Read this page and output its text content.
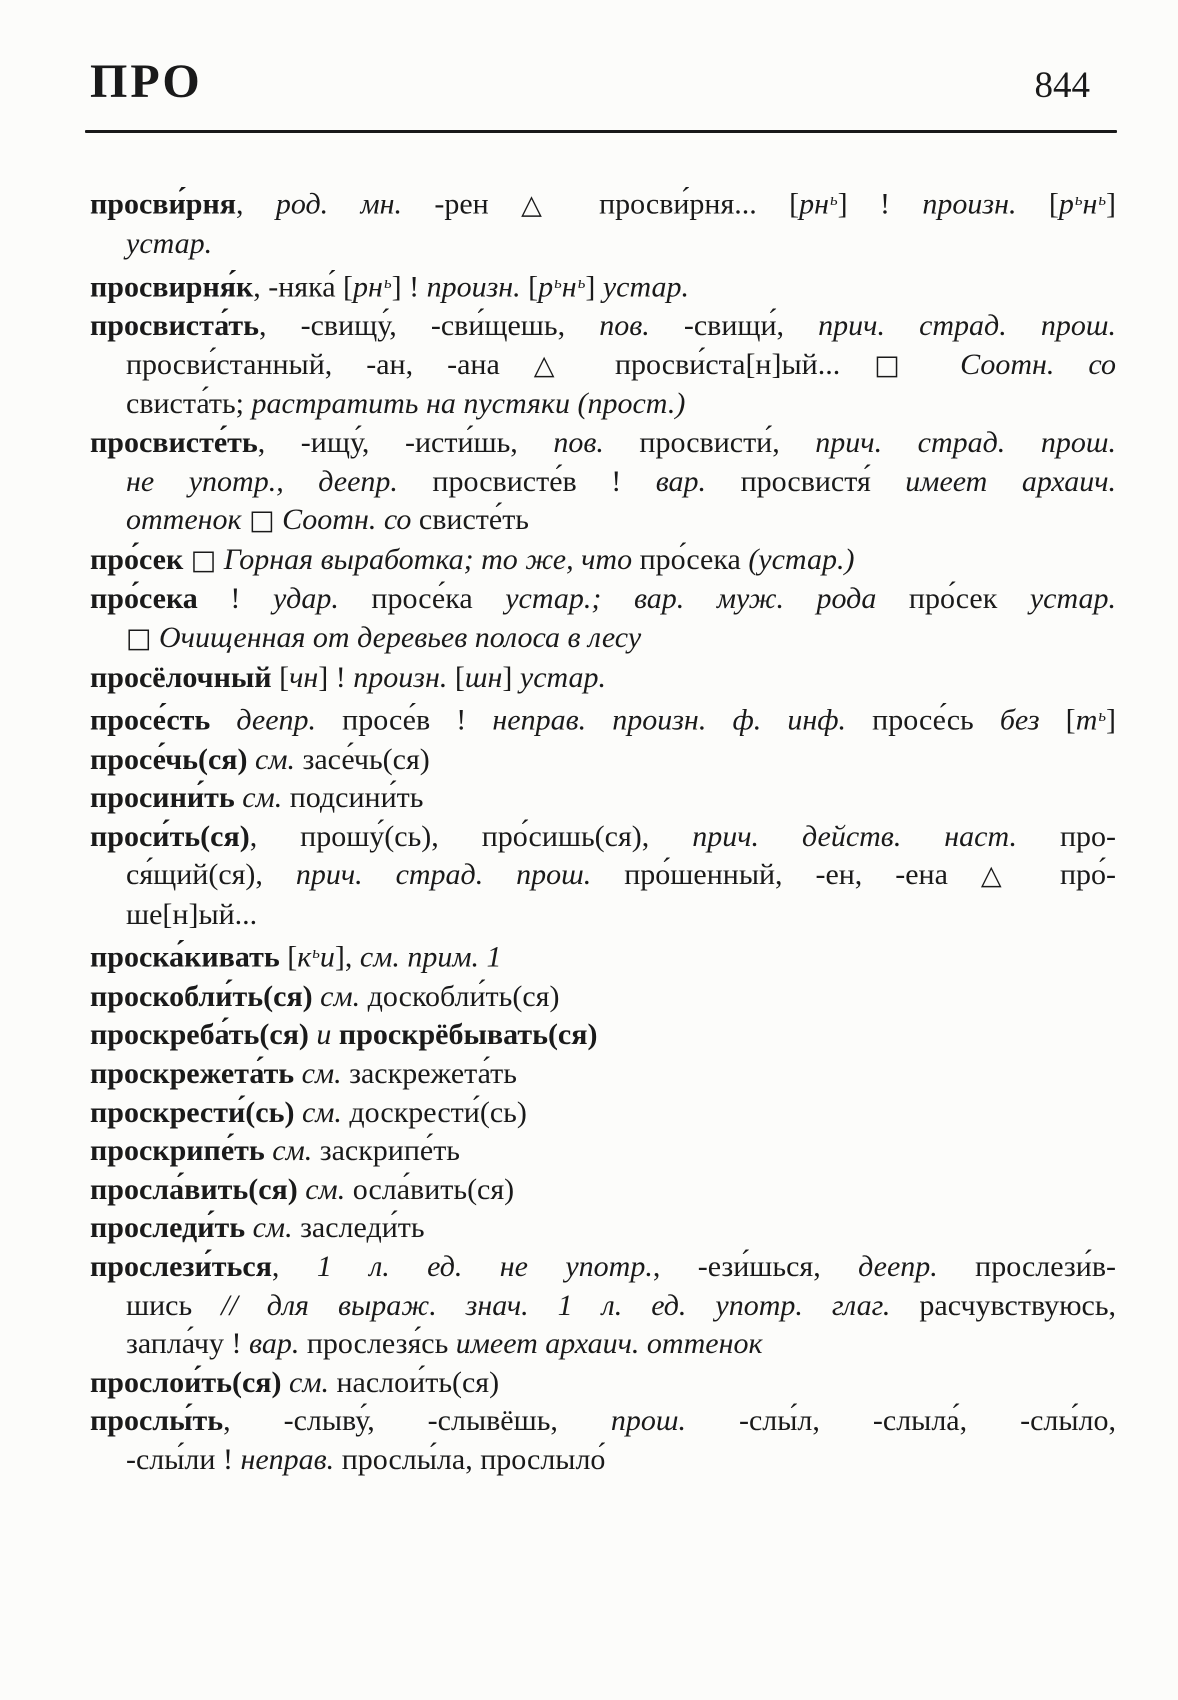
ПРО	844
просви́рня, род. мн. -рен △ просви́рня... $[рн^ь]$ ! произн. $[р^ьн^ь]$
устар.
просвирня́к, -няка́ $[рн^ь]$ ! произн. $[р^ьн^ь]$ устар.
просвиста́ть, -свищу́, -сви́щешь, пов. -свищи́, прич. страд. прош.
просви́станный, -ан, -ана △ просви́ста[н]ый... □ Соотн. со
свиста́ть; растратить на пустяки (прост.)
просвисте́ть, -ищу́, -исти́шь, пов. просвисти́, прич. страд. прош.
не употр., деепр. просвисте́в ! вар. просвистя́ имеет архаич.
оттенок □ Соотн. со свисте́ть
про́сек □ Горная выработка; то же, что про́сека (устар.)
про́сека ! удар. просе́ка устар.; вар. муж. рода про́сек устар.
□ Очищенная от деревьев полоса в лесу
просёлочный [чн] ! произн. [шн] устар.
просе́сть деепр. просе́в ! неправ. произн. ф. инф. просе́сь без $[т^ь]$
просе́чь(ся) см. засе́чь(ся)
просини́ть см. подсини́ть
проси́ть(ся), прошу́(сь), про́сишь(ся), прич. действ. наст. про-
ся́щий(ся), прич. страд. прош. про́шенный, -ен, -ена △ про́-
ше[н]ый...
проска́кивать $[к^ьи]$, см. прим. 1
проскобли́ть(ся) см. доскобли́ть(ся)
проскреба́ть(ся) и проскрёбывать(ся)
проскрежета́ть см. заскрежета́ть
проскрести́(сь) см. доскрести́(сь)
проскрипе́ть см. заскрипе́ть
просла́вить(ся) см. осла́вить(ся)
проследи́ть см. заследи́ть
прослези́ться, 1 л. ед. не употр., -ези́шься, деепр. прослези́в-
шись // для выраж. знач. 1 л. ед. употр. глаг. расчувствуюсь,
запла́чу ! вар. прослезя́сь имеет архаич. оттенок
прослои́ть(ся) см. наслои́ть(ся)
прослы́ть, -слыву́, -слывёшь, прош. -слы́л, -слыла́, -слы́ло,
-слы́ли ! неправ. прослы́ла, прослыло́
